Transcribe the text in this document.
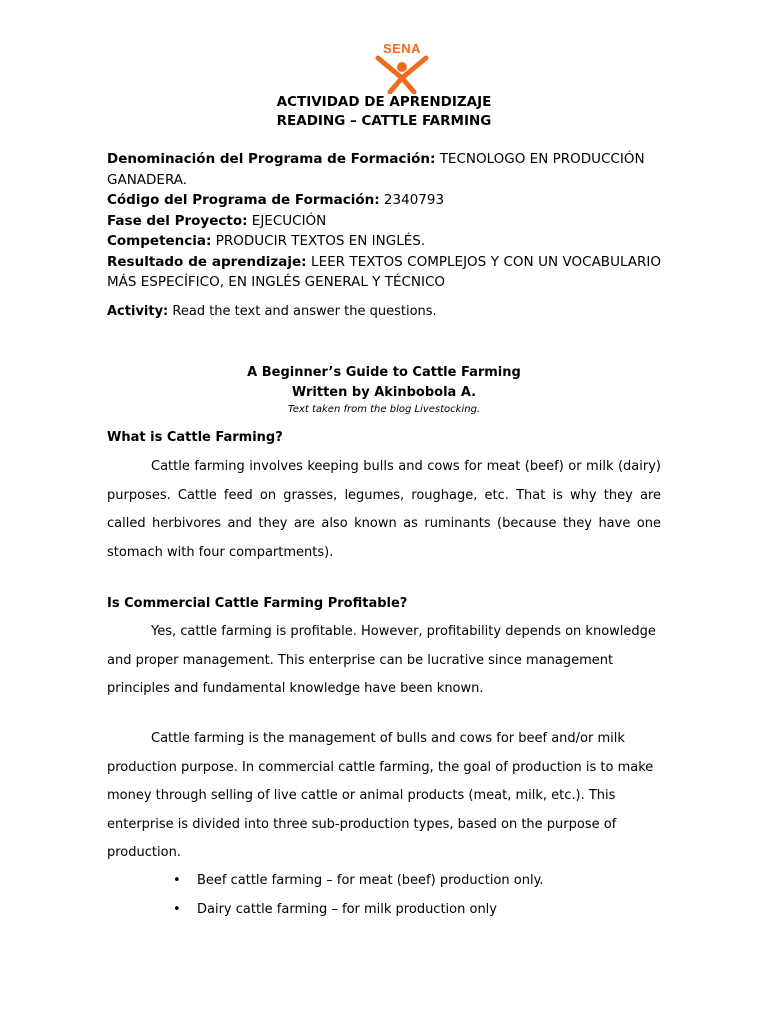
SENA
ACTIVIDAD DE APRENDIZAJE
READING – CATTLE FARMING

Denominación del Programa de Formación: TECNOLOGO EN PRODUCCIÓN GANADERA.

Código del Programa de Formación: 2340793

Fase del Proyecto: EJECUCIÓN

Competencia: PRODUCIR TEXTOS EN INGLÉS.

Resultado de aprendizaje: LEER TEXTOS COMPLEJOS Y CON UN VOCABULARIO MÁS ESPECÍFICO, EN INGLÉS GENERAL Y TÉCNICO

Activity: Read the text and answer the questions.
A Beginner’s Guide to Cattle Farming
Written by Akinbobola A.
Text taken from the blog Livestocking.
What is Cattle Farming?

Cattle farming involves keeping bulls and cows for meat (beef) or milk (dairy) purposes. Cattle feed on grasses, legumes, roughage, etc. That is why they are called herbivores and they are also known as ruminants (because they have one stomach with four compartments).

Is Commercial Cattle Farming Profitable?

Yes, cattle farming is profitable. However, profitability depends on knowledge and proper management. This enterprise can be lucrative since management principles and fundamental knowledge have been known.

Cattle farming is the management of bulls and cows for beef and/or milk production purpose. In commercial cattle farming, the goal of production is to make money through selling of live cattle or animal products (meat, milk, etc.). This enterprise is divided into three sub-production types, based on the purpose of production.

• Beef cattle farming – for meat (beef) production only.
• Dairy cattle farming – for milk production only
